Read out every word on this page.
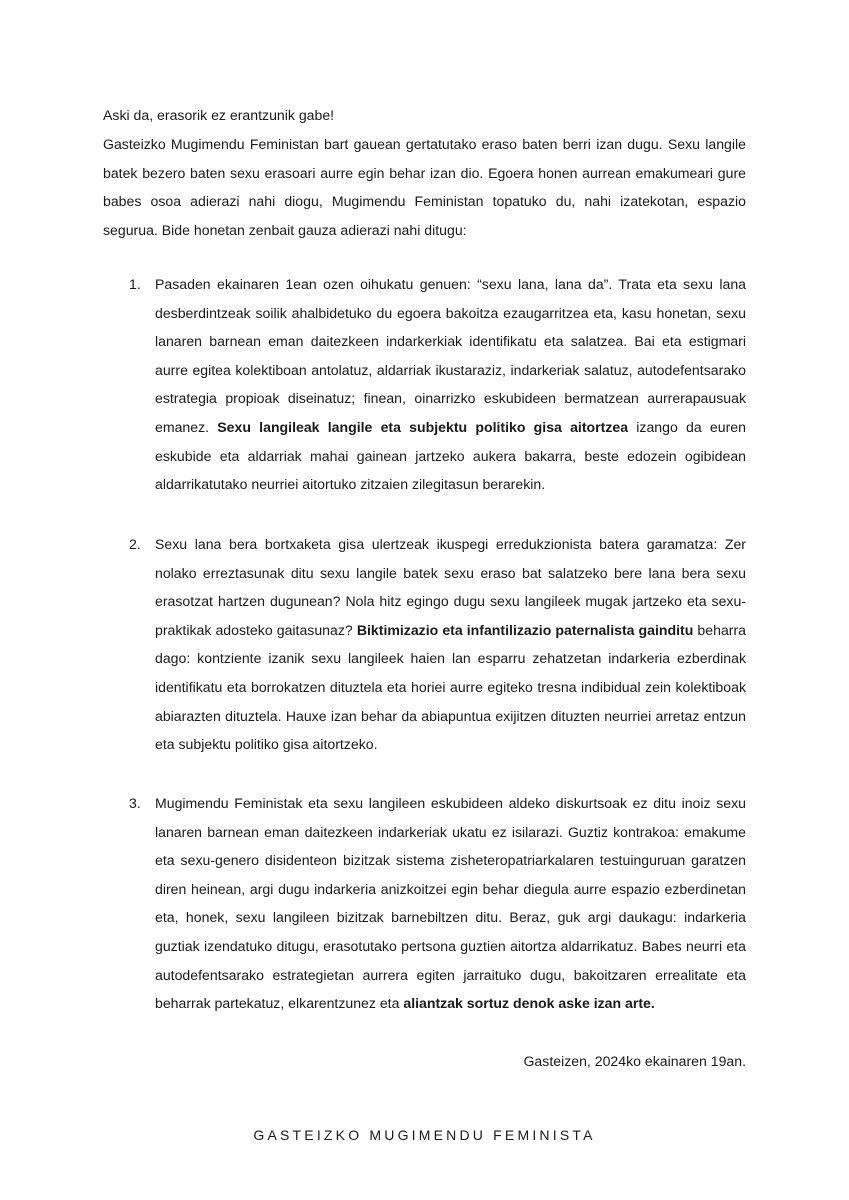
Aski da, erasorik ez erantzunik gabe!

Gasteizko Mugimendu Feministan bart gauean gertatutako eraso baten berri izan dugu. Sexu langile batek bezero baten sexu erasoari aurre egin behar izan dio. Egoera honen aurrean emakumeari gure babes osoa adierazi nahi diogu, Mugimendu Feministan topatuko du, nahi izatekotan, espazio segurua. Bide honetan zenbait gauza adierazi nahi ditugu:

1. Pasaden ekainaren 1ean ozen oihukatu genuen: “sexu lana, lana da”. Trata eta sexu lana desberdintzeak soilik ahalbidetuko du egoera bakoitza ezaugarritzea eta, kasu honetan, sexu lanaren barnean eman daitezkeen indarkerkiak identifikatu eta salatzea. Bai eta estigmari aurre egitea kolektiboan antolatuz, aldarriak ikustaraziz, indarkeriak salatuz, autodefentsarako estrategia propioak diseinatuz; finean, oinarrizko eskubideen bermatzean aurrerapausuak emanez. Sexu langileak langile eta subjektu politiko gisa aitortzea izango da euren eskubide eta aldarriak mahai gainean jartzeko aukera bakarra, beste edozein ogibidean aldarrikatutako neurriei aitortuko zitzaien zilegitasun berarekin.

2. Sexu lana bera bortxaketa gisa ulertzeak ikuspegi erredukzionista batera garamatza: Zer nolako erreztasunak ditu sexu langile batek sexu eraso bat salatzeko bere lana bera sexu erasotzat hartzen dugunean? Nola hitz egingo dugu sexu langileek mugak jartzeko eta sexu-praktikak adosteko gaitasunaz? Biktimizazio eta infantilizazio paternalista gainditu beharra dago: kontziente izanik sexu langileek haien lan esparru zehatzetan indarkeria ezberdinak identifikatu eta borrokatzen dituztela eta horiei aurre egiteko tresna indibidual zein kolektiboak abiarazten dituztela. Hauxe izan behar da abiapuntua exijitzen dituzten neurriei arretaz entzun eta subjektu politiko gisa aitortzeko.

3. Mugimendu Feministak eta sexu langileen eskubideen aldeko diskurtsoak ez ditu inoiz sexu lanaren barnean eman daitezkeen indarkeriak ukatu ez isilarazi. Guztiz kontrakoa: emakume eta sexu-genero disidenteon bizitzak sistema zisheteropatriarkalaren testuinguruan garatzen diren heinean, argi dugu indarkeria anizkoitzei egin behar diegula aurre espazio ezberdinetan eta, honek, sexu langileen bizitzak barnebiltzen ditu. Beraz, guk argi daukagu: indarkeria guztiak izendatuko ditugu, erasotutako pertsona guztien aitortza aldarrikatuz. Babes neurri eta autodefentsarako estrategietan aurrera egiten jarraituko dugu, bakoitzaren errealitate eta beharrak partekatuz, elkarentzunez eta aliantzak sortuz denok aske izan arte.

Gasteizen, 2024ko ekainaren 19an.

GASTEIZKO MUGIMENDU FEMINISTA
